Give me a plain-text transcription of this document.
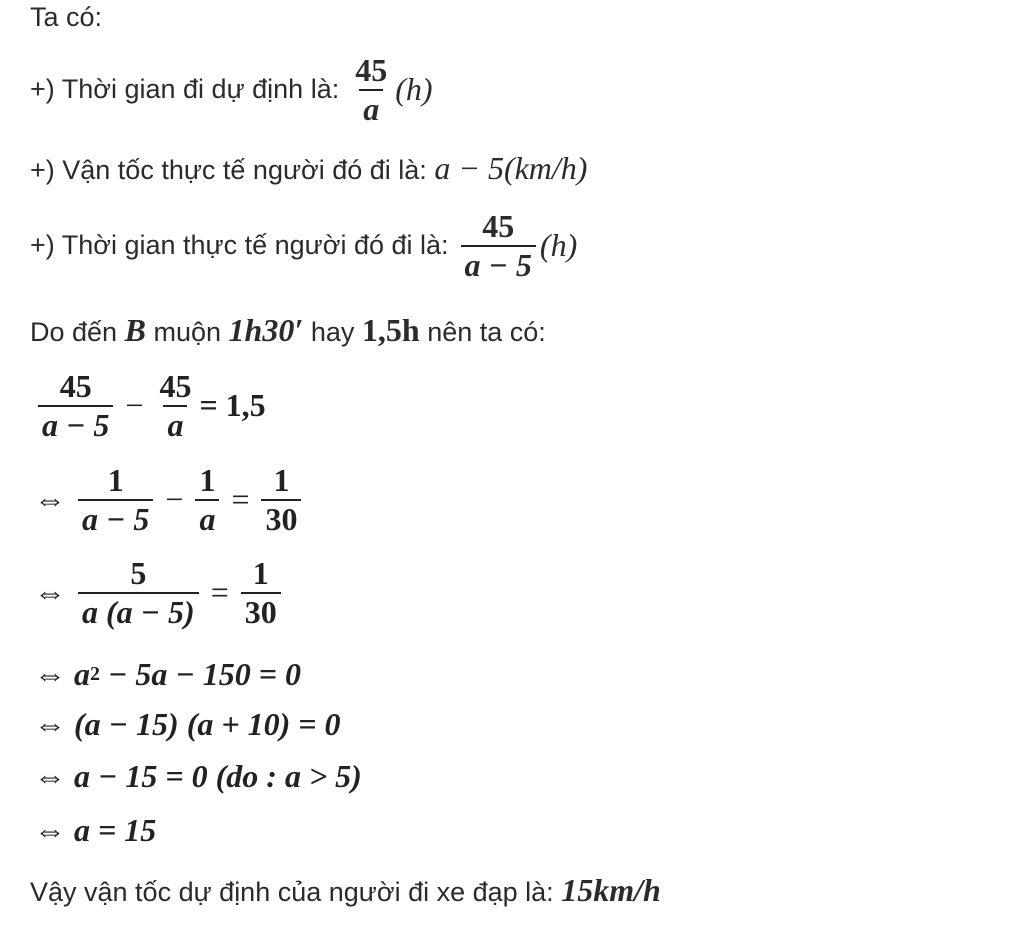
Ta có:
+) Thời gian đi dự định là: $\frac{45}{a} (h)$
+) Vận tốc thực tế người đó đi là: a − 5(km/h)
+) Thời gian thực tế người đó đi là: $\frac{45}{a - 5} (h)$
Do đến B muộn 1h30′ hay 1,5h nên ta có:
$\frac{45}{a - 5} - \frac{45}{a} = 1,5$
⇔ $\frac{1}{a - 5} - \frac{1}{a} = \frac{1}{30}$
⇔ $\frac{5}{a (a - 5)} = \frac{1}{30}$
⇔ a 2 − 5a − 150 = 0
⇔ (a − 15) (a + 10) = 0
⇔ a − 15 = 0 (do : a > 5)
⇔ a = 15
Vậy vận tốc dự định của người đi xe đạp là: 15km/h
